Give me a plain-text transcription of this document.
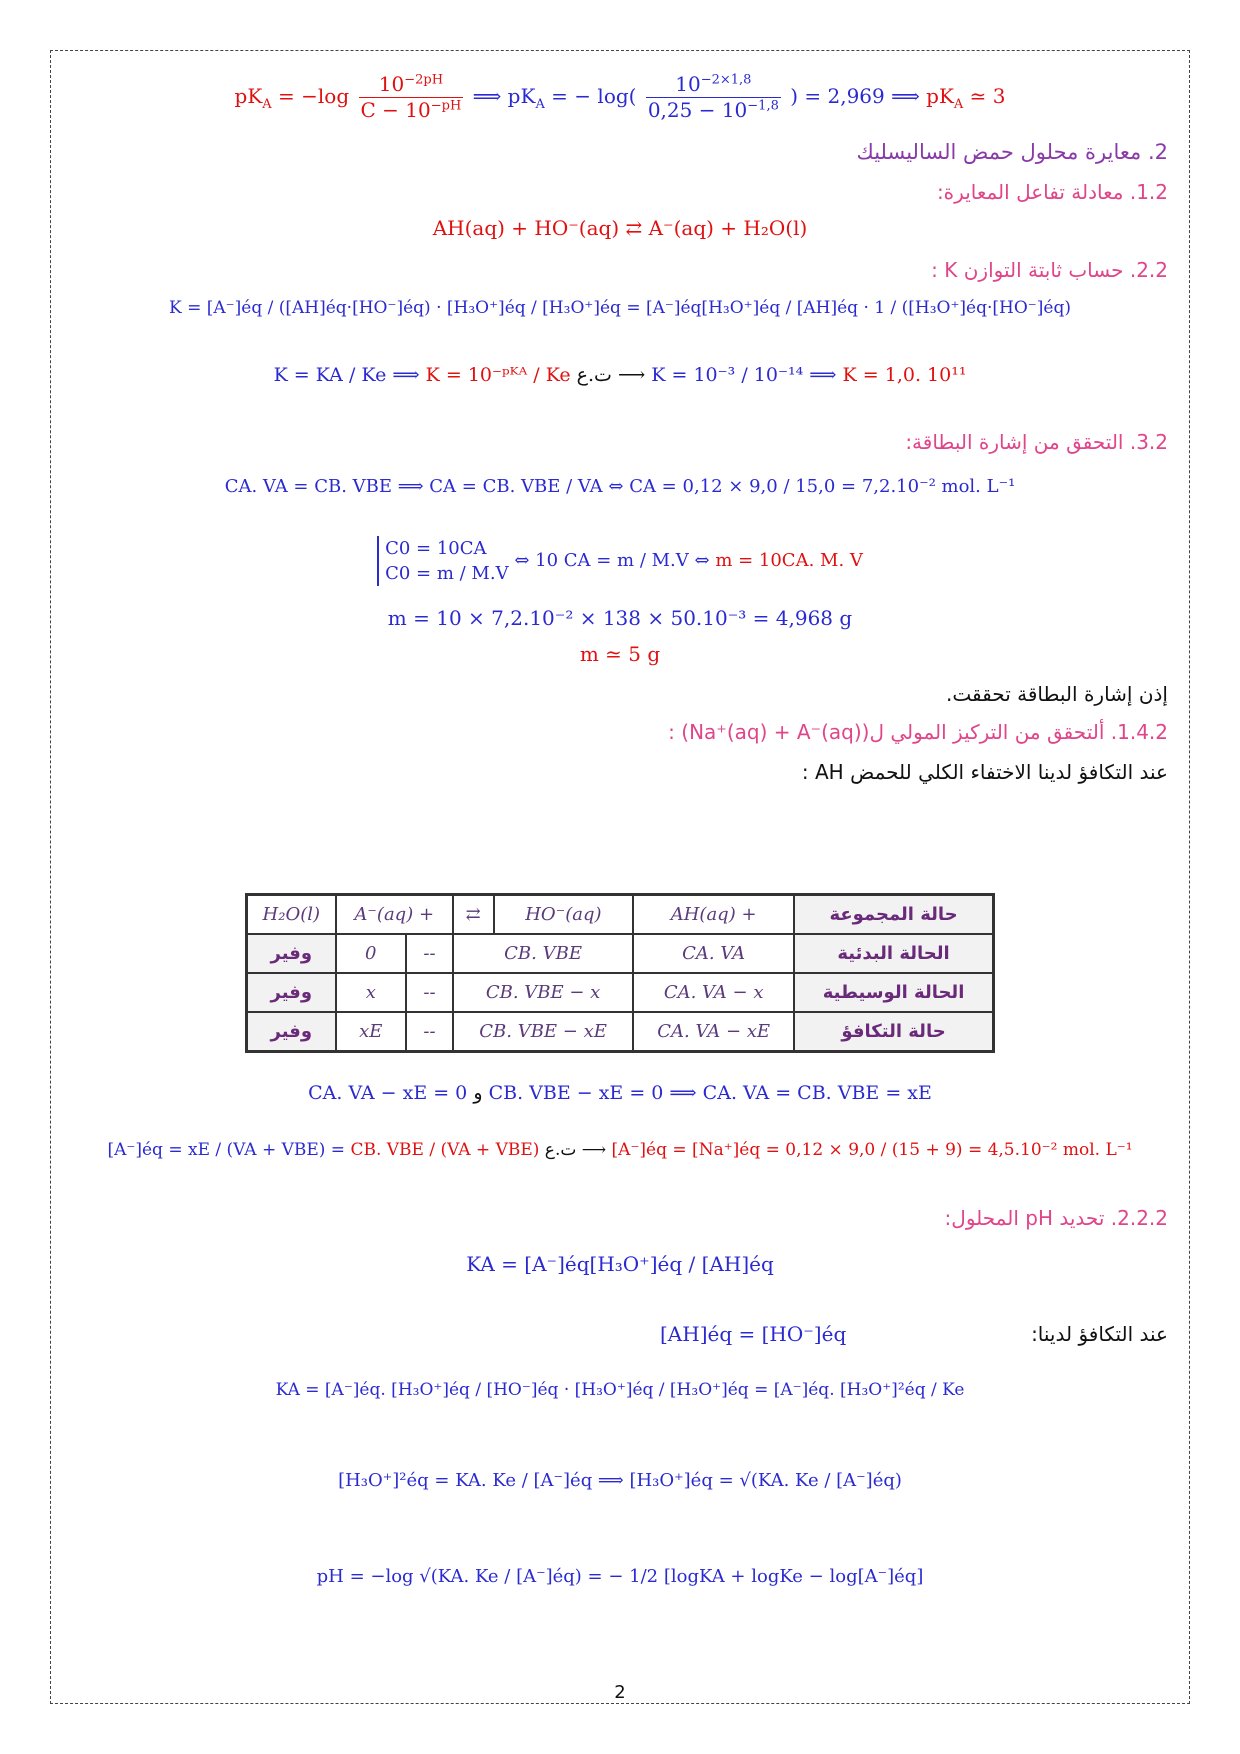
$pK_A = -\log \frac{10^{-2pH}}{C - 10^{-pH}}$ ⟹ $pK_A$ = − $\log( \frac{10^{-2\times 1,8}}{0,25 - 10^{-1,8}}$ ) = 2,969 ⟹ $pK_A$ ≃ 3
2. معايرة محلول حمض الساليسليك
1.2. معادلة تفاعل المعايرة:
AH(aq) + HO⁻(aq) ⇄ A⁻(aq) + H₂O(l)
2.2. حساب ثابتة التوازن K :
K = [A⁻]éq / ([AH]éq·[HO⁻]éq) · [H₃O⁺]éq / [H₃O⁺]éq = [A⁻]éq[H₃O⁺]éq / [AH]éq · 1 / ([H₃O⁺]éq·[HO⁻]éq)
K = KA / Ke ⟹ K = 10⁻ᵖᴷᴬ / Ke ت.ع ⟶ K = 10⁻³ / 10⁻¹⁴ ⟹ K = 1,0. 10¹¹
3.2. التحقق من إشارة البطاقة:
CA. VA = CB. VBE ⟹ CA = CB. VBE / VA ⇔ CA = 0,12 × 9,0 / 15,0 = 7,2.10⁻² mol. L⁻¹
C0 = 10CA
C0 = m / M.V
⇔ 10 CA = m / M.V ⇔ m = 10CA. M. V
m = 10 × 7,2.10⁻² × 138 × 50.10⁻³ = 4,968 g
m ≃ 5 g
إذن إشارة البطاقة تحققت.
1.4.2. ألتحقق من التركيز المولي ل(Na⁺(aq) + A⁻(aq)) :
عند التكافؤ لدينا الاختفاء الكلي للحمض AH :
H₂O(l)	A⁻(aq) +		⇄	HO⁻(aq)	AH(aq) +	حالة المجموعة
وفير	0	--	CB. VBE		CA. VA	الحالة البدئية
وفير	x	--	CB. VBE − x		CA. VA − x	الحالة الوسيطية
وفير	xE	--	CB. VBE − xE		CA. VA − xE	حالة التكافؤ
CA. VA − xE = 0 و CB. VBE − xE = 0 ⟹ CA. VA = CB. VBE = xE
[A⁻]éq = xE / (VA + VBE) = CB. VBE / (VA + VBE) ت.ع ⟶ [A⁻]éq = [Na⁺]éq = 0,12 × 9,0 / (15 + 9) = 4,5.10⁻² mol. L⁻¹
2.2.2. تحديد pH المحلول:
KA = [A⁻]éq[H₃O⁺]éq / [AH]éq
عند التكافؤ لدينا:
[AH]éq = [HO⁻]éq
KA = [A⁻]éq. [H₃O⁺]éq / [HO⁻]éq · [H₃O⁺]éq / [H₃O⁺]éq = [A⁻]éq. [H₃O⁺]²éq / Ke
[H₃O⁺]²éq = KA. Ke / [A⁻]éq ⟹ [H₃O⁺]éq = √(KA. Ke / [A⁻]éq)
pH = −log √(KA. Ke / [A⁻]éq) = − 1/2 [logKA + logKe − log[A⁻]éq]
2
